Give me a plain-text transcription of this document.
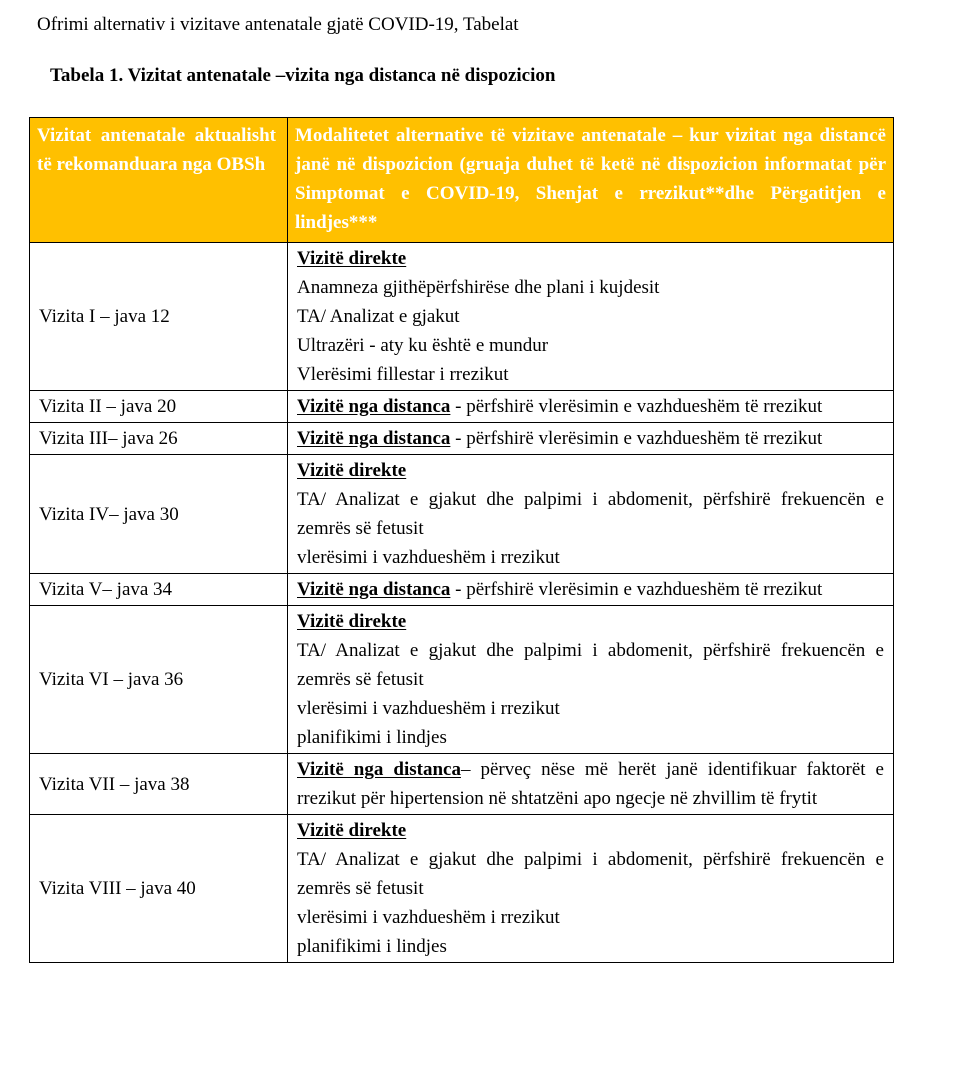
Ofrimi alternativ i vizitave antenatale gjatë COVID-19, Tabelat
Tabela 1. Vizitat antenatale –vizita nga distanca në dispozicion
Vizitat antenatale aktualisht të rekomanduara nga OBSh	Modalitetet alternative të vizitave antenatale – kur vizitat nga distancë janë në dispozicion (gruaja duhet të ketë në dispozicion informatat për Simptomat e COVID-19, Shenjat e rrezikut**dhe Përgatitjen e lindjes***
Vizita I – java 12	Vizitë direkte
Anamneza gjithëpërfshirëse dhe plani i kujdesit
TA/ Analizat e gjakut
Ultrazëri - aty ku është e mundur
Vlerësimi fillestar i rrezikut

Vizita II – java 20	Vizitë nga distanca - përfshirë vlerësimin e vazhdueshëm të rrezikut

Vizita III– java 26	Vizitë nga distanca - përfshirë vlerësimin e vazhdueshëm të rrezikut

Vizita IV– java 30	Vizitë direkte
TA/ Analizat e gjakut dhe palpimi i abdomenit, përfshirë frekuencën e zemrës së fetusit
vlerësimi i vazhdueshëm i rrezikut

Vizita V– java 34	Vizitë nga distanca - përfshirë vlerësimin e vazhdueshëm të rrezikut

Vizita VI – java 36	Vizitë direkte
TA/ Analizat e gjakut dhe palpimi i abdomenit, përfshirë frekuencën e zemrës së fetusit
vlerësimi i vazhdueshëm i rrezikut
planifikimi i lindjes

Vizita VII – java 38	Vizitë nga distanca– përveç nëse më herët janë identifikuar faktorët e rrezikut për hipertension në shtatzëni apo ngecje në zhvillim të frytit

Vizita VIII – java 40	Vizitë direkte
TA/ Analizat e gjakut dhe palpimi i abdomenit, përfshirë frekuencën e zemrës së fetusit
vlerësimi i vazhdueshëm i rrezikut
planifikimi i lindjes
